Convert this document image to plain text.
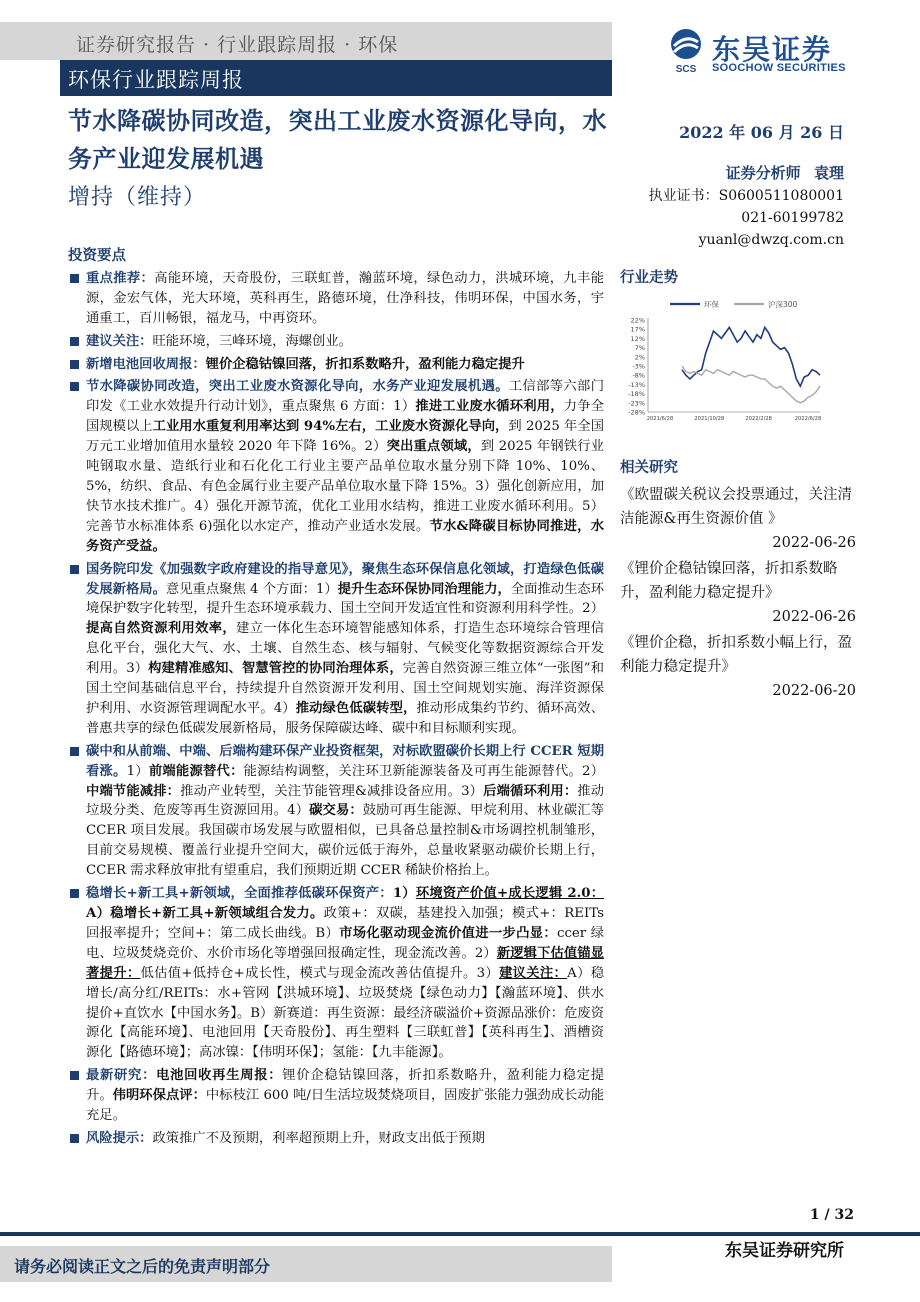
证券研究报告 · 行业跟踪周报 · 环保
环保行业跟踪周报	SCS
东吴证券
SOOCHOW SECURITIES
节水降碳协同改造，突出工业废水资源化导向，水务产业迎发展机遇
增持（维持）
2022 年 06 月 26 日
证券分析师 袁理
执业证书：S0600511080001
021-60199782
yuanl@dwzq.com.cn
投资要点
重点推荐：高能环境，天奇股份，三联虹普，瀚蓝环境，绿色动力，洪城环境，九丰能源，金宏气体，光大环境，英科再生，路德环境，仕净科技，伟明环保，中国水务，宇通重工，百川畅银，福龙马，中再资环。
建议关注：旺能环境，三峰环境，海螺创业。
新增电池回收周报：锂价企稳钴镍回落，折扣系数略升，盈利能力稳定提升
节水降碳协同改造，突出工业废水资源化导向，水务产业迎发展机遇。工信部等六部门印发《工业水效提升行动计划》，重点聚焦 6 方面：1）推进工业废水循环利用，力争全国规模以上工业用水重复利用率达到 94%左右，工业废水资源化导向，到 2025 年全国万元工业增加值用水量较 2020 年下降 16%。2）突出重点领域，到 2025 年钢铁行业吨钢取水量、造纸行业和石化化工行业主要产品单位取水量分别下降 10%、10%、5%，纺织、食品、有色金属行业主要产品单位取水量下降 15%。3）强化创新应用，加快节水技术推广。4）强化开源节流，优化工业用水结构，推进工业废水循环利用。5）完善节水标准体系 6)强化以水定产，推动产业适水发展。节水&降碳目标协同推进，水务资产受益。
国务院印发《加强数字政府建设的指导意见》，聚焦生态环保信息化领域，打造绿色低碳发展新格局。意见重点聚焦 4 个方面：1）提升生态环保协同治理能力，全面推动生态环境保护数字化转型，提升生态环境承载力、国土空间开发适宜性和资源利用科学性。2）提高自然资源利用效率，建立一体化生态环境智能感知体系，打造生态环境综合管理信息化平台，强化大气、水、土壤、自然生态、核与辐射、气候变化等数据资源综合开发利用。3）构建精准感知、智慧管控的协同治理体系，完善自然资源三维立体“一张图”和国土空间基础信息平台，持续提升自然资源开发利用、国土空间规划实施、海洋资源保护利用、水资源管理调配水平。4）推动绿色低碳转型，推动形成集约节约、循环高效、普惠共享的绿色低碳发展新格局，服务保障碳达峰、碳中和目标顺利实现。
碳中和从前端、中端、后端构建环保产业投资框架，对标欧盟碳价长期上行 CCER 短期看涨。1）前端能源替代：能源结构调整，关注环卫新能源装备及可再生能源替代。2）中端节能减排：推动产业转型，关注节能管理&减排设备应用。3）后端循环利用：推动垃圾分类、危废等再生资源回用。4）碳交易：鼓励可再生能源、甲烷利用、林业碳汇等 CCER 项目发展。我国碳市场发展与欧盟相似，已具备总量控制&市场调控机制雏形，目前交易规模、覆盖行业提升空间大，碳价远低于海外，总量收紧驱动碳价长期上行，CCER 需求释放审批有望重启，我们预期近期 CCER 稀缺价格抬上。
稳增长+新工具+新领域，全面推荐低碳环保资产：1）环境资产价值+成长逻辑 2.0：A）稳增长+新工具+新领域组合发力。政策+：双碳，基建投入加强；模式+：REITs 回报率提升；空间+：第二成长曲线。B）市场化驱动现金流价值进一步凸显：ccer 绿电、垃圾焚烧竞价、水价市场化等增强回报确定性，现金流改善。2）新逻辑下估值锚显著提升：低估值+低持仓+成长性，模式与现金流改善估值提升。3）建议关注：A）稳增长/高分红/REITs：水+管网【洪城环境】、垃圾焚烧【绿色动力】【瀚蓝环境】、供水提价+直饮水【中国水务】。B）新赛道：再生资源：最经济碳溢价+资源品涨价：危废资源化【高能环境】、电池回用【天奇股份】、再生塑料【三联虹普】【英科再生】、酒槽资源化【路德环境】；高冰镍：【伟明环保】；氢能：【九丰能源】。
最新研究：电池回收再生周报：锂价企稳钴镍回落，折扣系数略升，盈利能力稳定提升。伟明环保点评：中标枝江 600 吨/日生活垃圾焚烧项目，固废扩张能力强劲成长动能充足。
风险提示：政策推广不及预期，利率超预期上升，财政支出低于预期
行业走势
环保	沪深300
22%
17%
12%
7%
2%
-3%
-8%
-13%
-18%
-23%
-28%
2021/6/28	2021/10/28	2022/2/28	2022/6/28
相关研究
《欧盟碳关税议会投票通过，关注清洁能源&再生资源价值 》
2022-06-26
《锂价企稳钴镍回落，折扣系数略升，盈利能力稳定提升》
2022-06-26
《锂价企稳，折扣系数小幅上行，盈利能力稳定提升》
2022-06-20
1 / 32
请务必阅读正文之后的免责声明部分
东吴证券研究所
